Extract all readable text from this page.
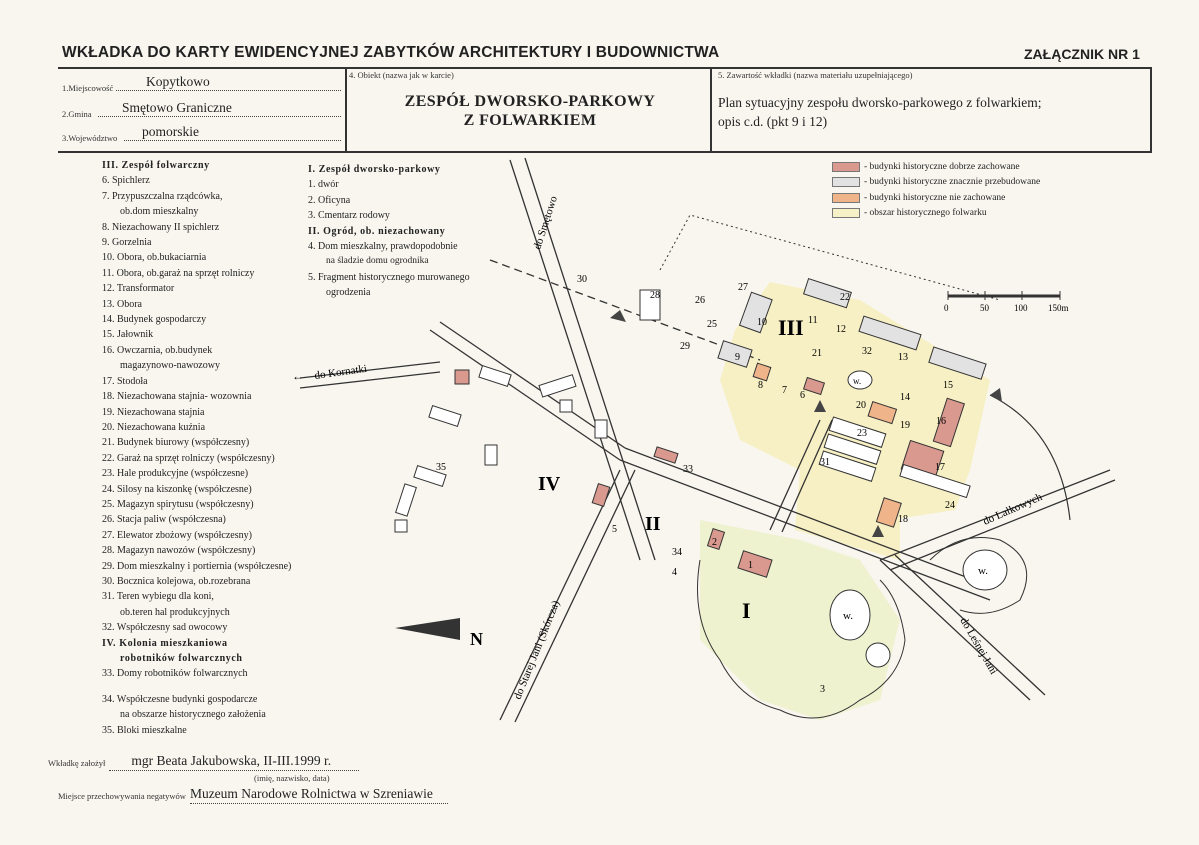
WKŁADKA DO KARTY EWIDENCYJNEJ ZABYTKÓW ARCHITEKTURY I BUDOWNICTWA	ZAŁĄCZNIK NR 1
1.Miejscowość Kopytkowo
2.Gmina Smętowo Graniczne
3.Województwo pomorskie
4. Obiekt (nazwa jak w karcie)
ZESPÓŁ DWORSKO-PARKOWY
Z FOLWARKIEM
5. Zawartość wkładki (nazwa materiału uzupełniającego)
Plan sytuacyjny zespołu dworsko-parkowego z folwarkiem;
opis c.d. (pkt 9 i 12)
III. Zespół folwarczny
6. Spichlerz
7. Przypuszczalna rządcówka,
ob.dom mieszkalny
8. Niezachowany II spichlerz
9. Gorzelnia
10. Obora, ob.bukaciarnia
11. Obora, ob.garaż na sprzęt rolniczy
12. Transformator
13. Obora
14. Budynek gospodarczy
15. Jałownik
16. Owczarnia, ob.budynek
magazynowo-nawozowy
17. Stodoła
18. Niezachowana stajnia- wozownia
19. Niezachowana stajnia
20. Niezachowana kuźnia
21. Budynek biurowy (współczesny)
22. Garaż na sprzęt rolniczy (współczesny)
23. Hale produkcyjne (współczesne)
24. Silosy na kiszonkę (współczesne)
25. Magazyn spirytusu (współczesny)
26. Stacja paliw (współczesna)
27. Elewator zbożowy (współczesny)
28. Magazyn nawozów (współczesny)
29. Dom mieszkalny i portiernia (współczesne)
30. Bocznica kolejowa, ob.rozebrana
31. Teren wybiegu dla koni,
ob.teren hal produkcyjnych
32. Współczesny sad owocowy
IV. Kolonia mieszkaniowa
robotników folwarcznych
33. Domy robotników folwarcznych
34. Współczesne budynki gospodarcze
na obszarze historycznego założenia
35. Bloki mieszkalne
I. Zespół dworsko-parkowy
1. dwór
2. Oficyna
3. Cmentarz rodowy
II. Ogród, ob. niezachowany
4. Dom mieszkalny, prawdopodobnie
na śladzie domu ogrodnika
5. Fragment historycznego murowanego
ogrodzenia
- budynki historyczne dobrze zachowane
- budynki historyczne znacznie przebudowane
- budynki historyczne nie zachowane
- obszar historycznego folwarku
N
0	50	100 150m
do Smętowo
do Kornatki
do Lalkowych
do Starej Jani (Skórcza)	do Leśnej Jani
←
III
IV
II
I
w.
w.
w.
1
2
3
4
5
6
7
8
9
10	11
12
13
14
15
16
17
18
19
20
21
22
23
24
25
26
27
28
29
30
31
32
33
34
35
Wkładkę założył mgr Beata Jakubowska, II-III.1999 r.
(imię, nazwisko, data)
Miejsce przechowywania negatywów Muzeum Narodowe Rolnictwa w Szreniawie
